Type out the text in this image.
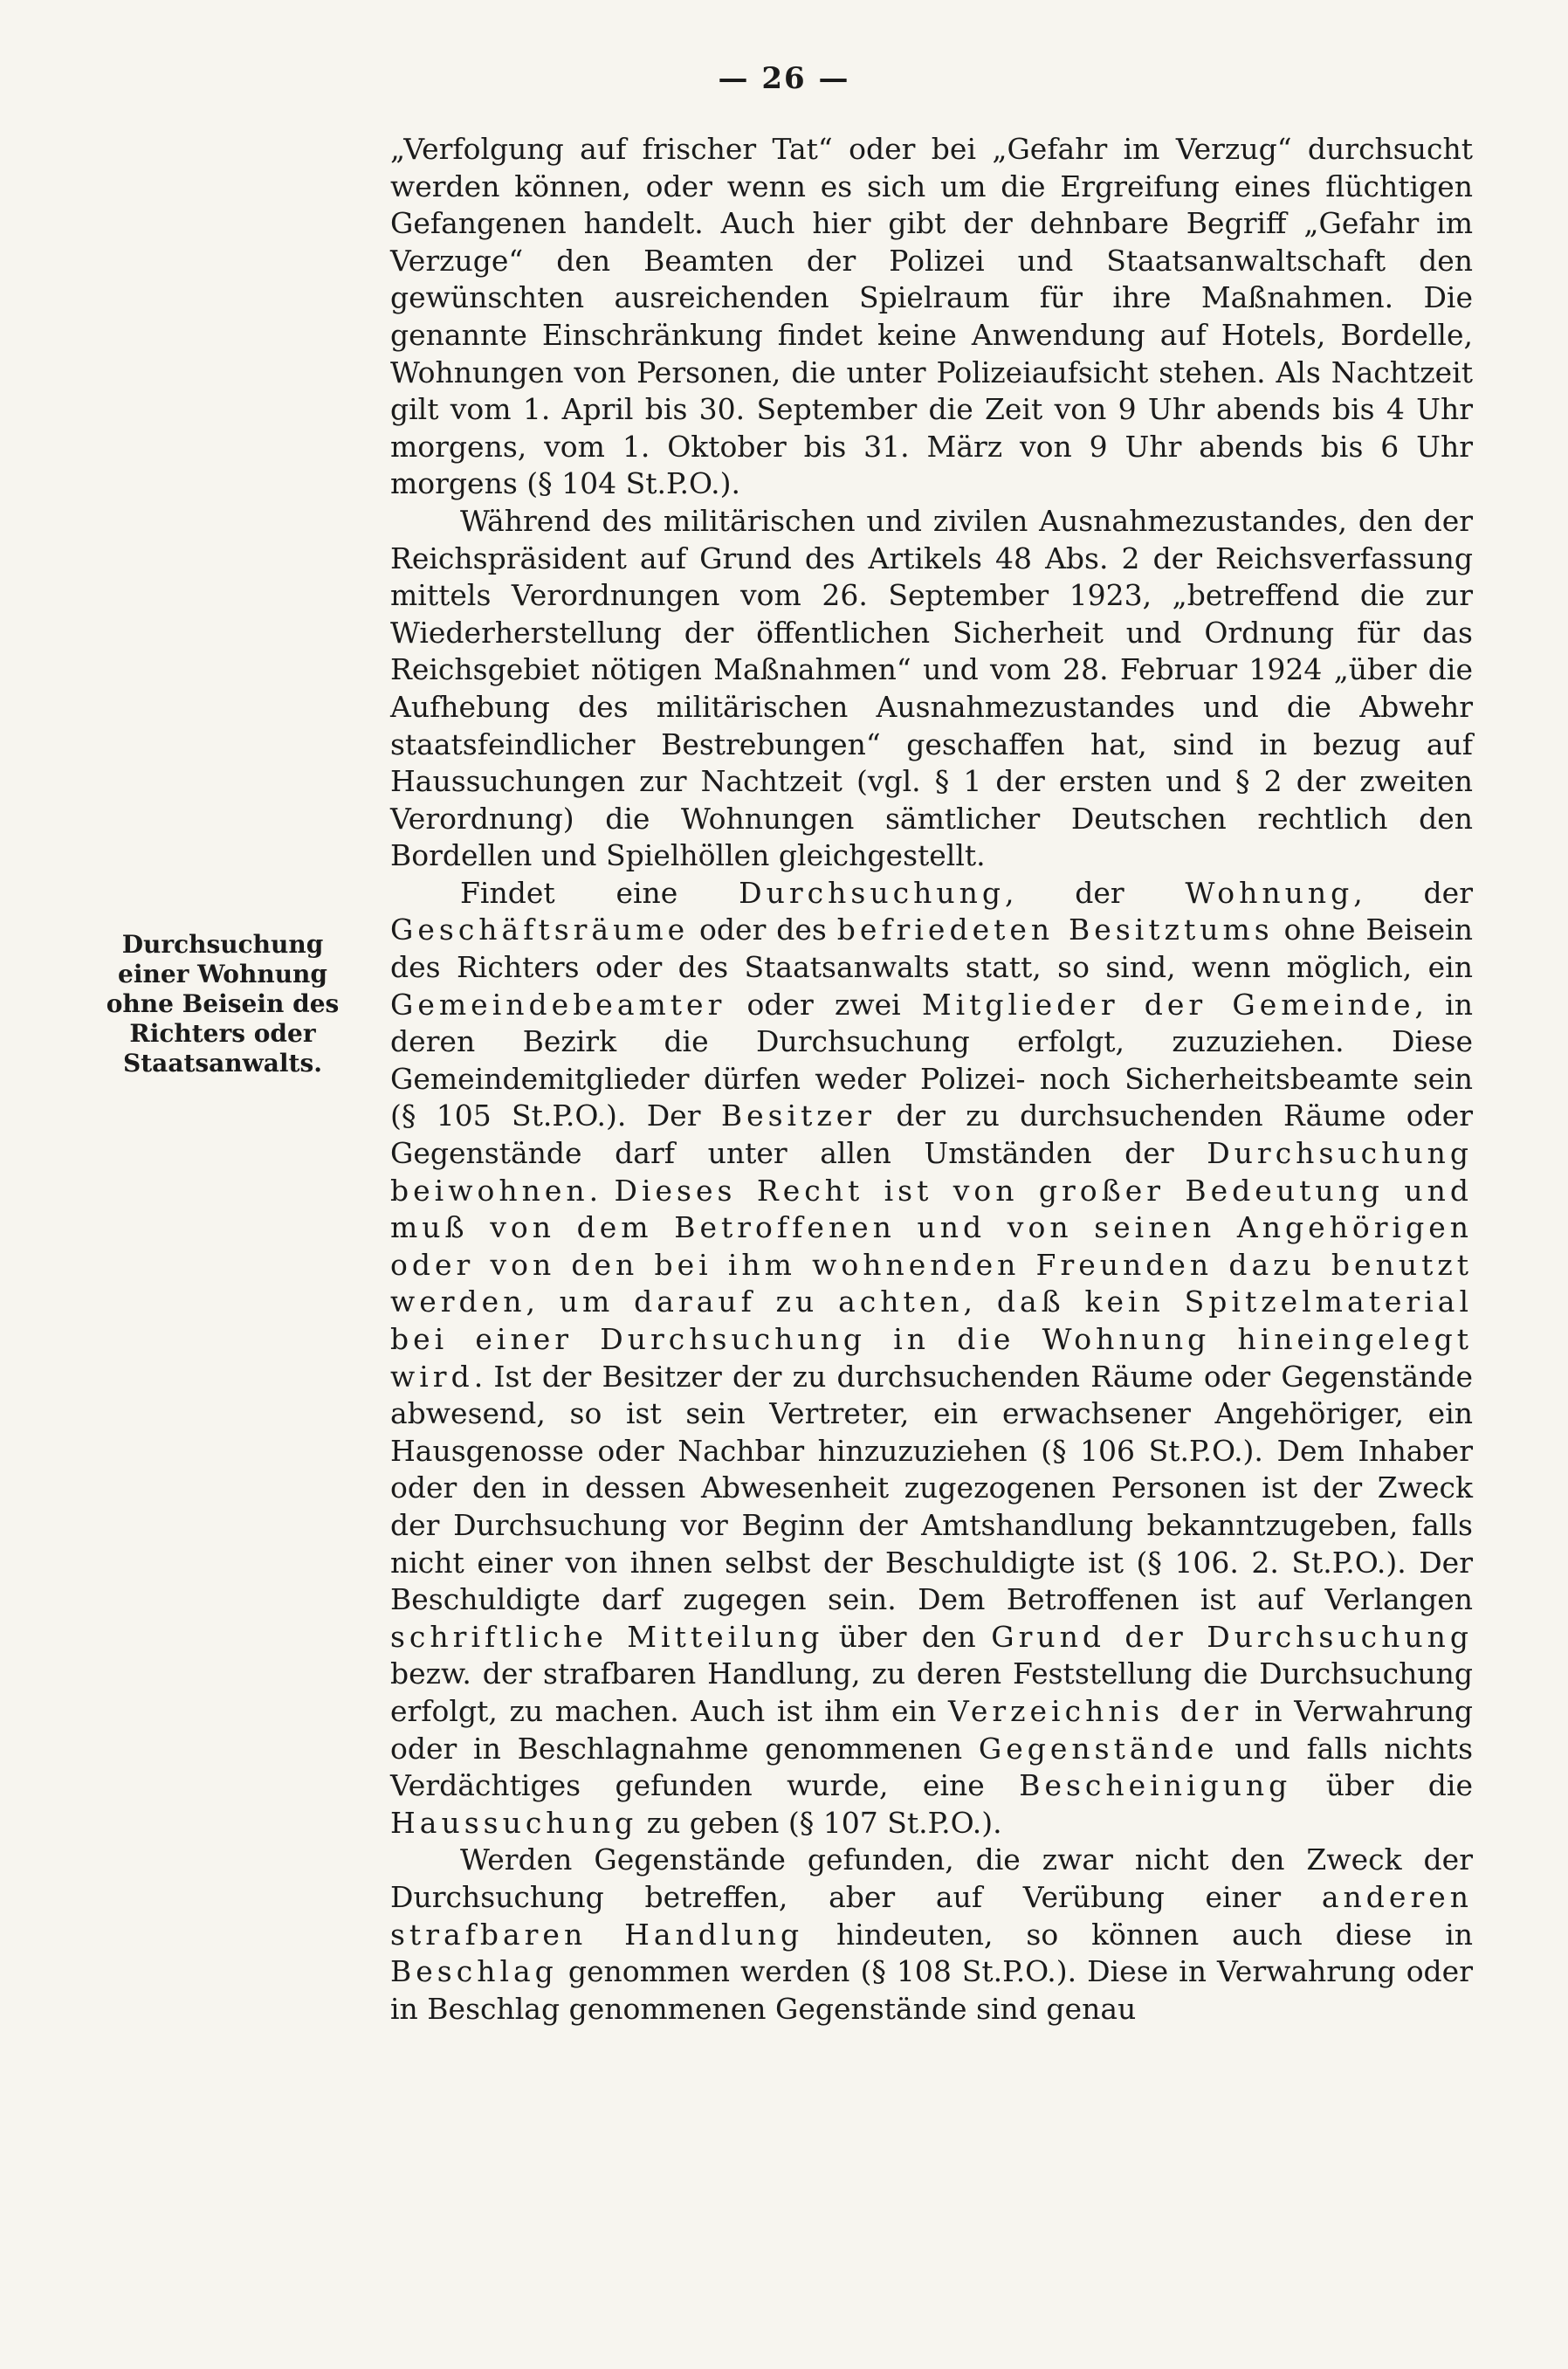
— 26 —
Durchsuchung
einer Wohnung
ohne Beisein des
Richters oder
Staatsanwalts.

„Verfolgung auf frischer Tat“ oder bei „Gefahr im Verzug“ durchsucht werden können, oder wenn es sich um die Ergreifung eines flüchtigen Gefangenen handelt. Auch hier gibt der dehnbare Begriff „Gefahr im Verzuge“ den Beamten der Polizei und Staatsanwaltschaft den gewünschten ausreichenden Spielraum für ihre Maßnahmen. Die genannte Einschränkung findet keine Anwendung auf Hotels, Bordelle, Wohnungen von Personen, die unter Polizeiaufsicht stehen. Als Nachtzeit gilt vom 1. April bis 30. September die Zeit von 9 Uhr abends bis 4 Uhr morgens, vom 1. Oktober bis 31. März von 9 Uhr abends bis 6 Uhr morgens (§ 104 St.P.O.).

Während des militärischen und zivilen Ausnahmezustandes, den der Reichspräsident auf Grund des Artikels 48 Abs. 2 der Reichsverfassung mittels Verordnungen vom 26. September 1923, „betreffend die zur Wiederherstellung der öffentlichen Sicherheit und Ordnung für das Reichsgebiet nötigen Maßnahmen“ und vom 28. Februar 1924 „über die Aufhebung des militärischen Ausnahmezustandes und die Abwehr staatsfeindlicher Bestrebungen“ geschaffen hat, sind in bezug auf Haussuchungen zur Nachtzeit (vgl. § 1 der ersten und § 2 der zweiten Verordnung) die Wohnungen sämtlicher Deutschen rechtlich den Bordellen und Spielhöllen gleichgestellt.

Findet eine Durchsuchung, der Wohnung, der Geschäftsräume oder des befriedeten Besitztums ohne Beisein des Richters oder des Staatsanwalts statt, so sind, wenn möglich, ein Gemeindebeamter oder zwei Mitglieder der Gemeinde, in deren Bezirk die Durchsuchung erfolgt, zuzuziehen. Diese Gemeindemitglieder dürfen weder Polizei- noch Sicherheitsbeamte sein (§ 105 St.P.O.). Der Besitzer der zu durchsuchenden Räume oder Gegenstände darf unter allen Umständen der Durchsuchung beiwohnen. Dieses Recht ist von großer Bedeutung und muß von dem Betroffenen und von seinen Angehörigen oder von den bei ihm wohnenden Freunden dazu benutzt werden, um darauf zu achten, daß kein Spitzelmaterial bei einer Durchsuchung in die Wohnung hineingelegt wird. Ist der Besitzer der zu durchsuchenden Räume oder Gegenstände abwesend, so ist sein Vertreter, ein erwachsener Angehöriger, ein Hausgenosse oder Nachbar hinzuzuziehen (§ 106 St.P.O.). Dem Inhaber oder den in dessen Abwesenheit zugezogenen Personen ist der Zweck der Durchsuchung vor Beginn der Amtshandlung bekanntzugeben, falls nicht einer von ihnen selbst der Beschuldigte ist (§ 106. 2. St.P.O.). Der Beschuldigte darf zugegen sein. Dem Betroffenen ist auf Verlangen schriftliche Mitteilung über den Grund der Durchsuchung bezw. der strafbaren Handlung, zu deren Feststellung die Durchsuchung erfolgt, zu machen. Auch ist ihm ein Verzeichnis der in Verwahrung oder in Beschlagnahme genommenen Gegenstände und falls nichts Verdächtiges gefunden wurde, eine Bescheinigung über die Haussuchung zu geben (§ 107 St.P.O.).

Werden Gegenstände gefunden, die zwar nicht den Zweck der Durchsuchung betreffen, aber auf Verübung einer anderen strafbaren Handlung hindeuten, so können auch diese in Beschlag genommen werden (§ 108 St.P.O.). Diese in Verwahrung oder in Beschlag genommenen Gegenstände sind genau
